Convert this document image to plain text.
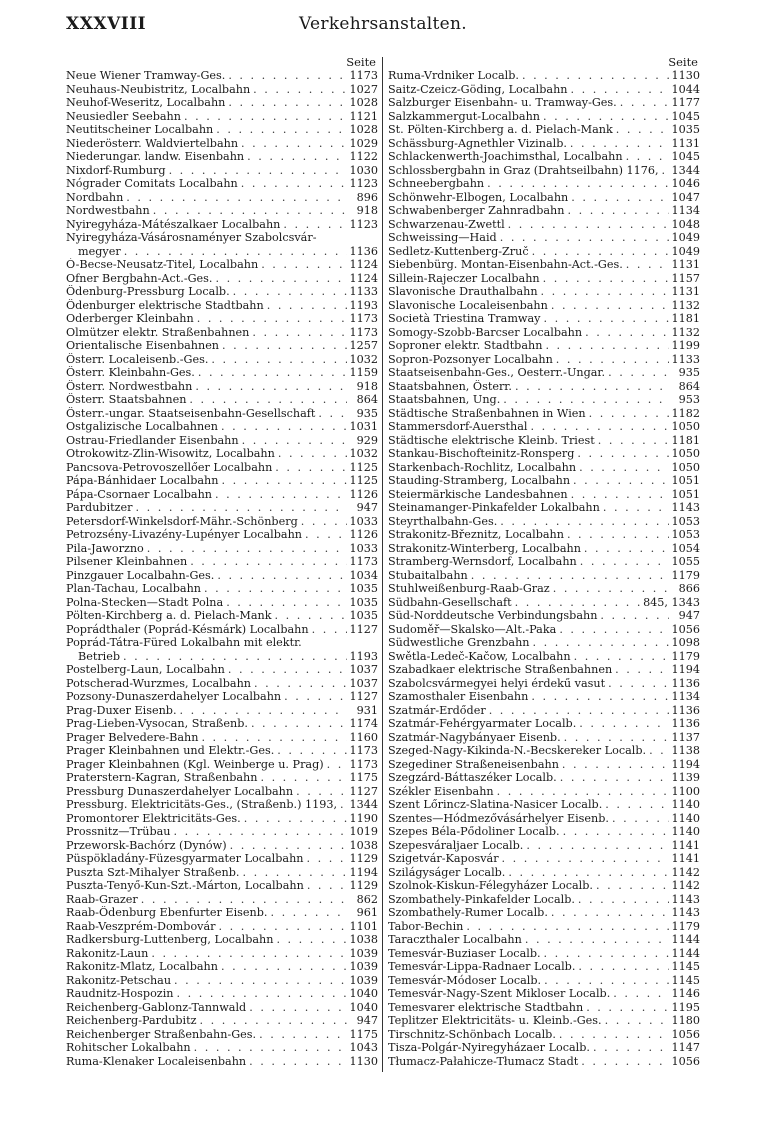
XXXVIII	Verkehrsanstalten.
Seite
Neue Wiener Tramway-Ges. . . .	1173
Neuhaus-Neubistritz, Localbahn . . .	1027
Neuhof-Weseritz, Localbahn . . .	1028
Neusiedler Seebahn . . .	1121
Neutitscheiner Localbahn . . .	1028
Niederösterr. Waldviertelbahn . . .	1029
Niederungar. landw. Eisenbahn . . .	1122
Nixdorf-Rumburg . . .	1030
Nógrader Comitats Localbahn . . .	1123
Nordbahn . . .	896
Nordwestbahn . . .	918
Nyiregyháza-Mátészalkaer Localbahn . . .	1123
Nyiregyháza-Vásárosnaményer Szabolcsvár-
megyer . . .	1136
Ó-Becse-Neusatz-Titel, Localbahn . . .	1124
Ofner Bergbahn-Act.-Ges. . . .	1124
Ödenburg-Pressburg Localb. . . .	1133
Ödenburger elektrische Stadtbahn . . .	1193
Oderberger Kleinbahn . . .	1173
Olmützer elektr. Straßenbahnen . . .	1173
Orientalische Eisenbahnen . . .	1257
Österr. Localeisenb.-Ges. . . .	1032
Österr. Kleinbahn-Ges. . . .	1159
Österr. Nordwestbahn . . .	918
Österr. Staatsbahnen . . .	864
Österr.-ungar. Staatseisenbahn-Gesellschaft . . .	935
Ostgalizische Localbahnen . . .	1031
Ostrau-Friedlander Eisenbahn . . .	929
Otrokowitz-Zlin-Wisowitz, Localbahn . . .	1032
Pancsova-Petrovoszellőer Localbahn . . .	1125
Pápa-Bánhidaer Localbahn . . .	1125
Pápa-Csornaer Localbahn . . .	1126
Pardubitzer . . .	947
Petersdorf-Winkelsdorf-Mähr.-Schönberg . . .	1033
Petrozsény-Livazény-Lupényer Localbahn . . .	1126
Pila-Jaworzno . . .	1033
Pilsener Kleinbahnen . . .	1173
Pinzgauer Localbahn-Ges. . . .	1034
Plan-Tachau, Localbahn . . .	1035
Polna-Stecken—Stadt Polna . . .	1035
Pölten-Kirchberg a. d. Pielach-Mank . . .	1035
Poprádthaler (Poprád-Késmárk) Localbahn . . .	1127
Poprád-Tátra-Füred Lokalbahn mit elektr.
Betrieb . . .	1193
Postelberg-Laun, Localbahn . . .	1037
Potscherad-Wurzmes, Localbahn . . .	1037
Pozsony-Dunaszerdahelyer Localbahn . . .	1127
Prag-Duxer Eisenb. . . .	931
Prag-Lieben-Vysocan, Straßenb. . . .	1174
Prager Belvedere-Bahn . . .	1160
Prager Kleinbahnen und Elektr.-Ges. . . .	1173
Prager Kleinbahnen (Kgl. Weinberge u. Prag) . . . 1173
Praterstern-Kagran, Straßenbahn . . .	1175
Pressburg Dunaszerdahelyer Localbahn . . .	1127
Pressburg. Elektricitäts-Ges., (Straßenb.) 1193, . . . 1344
Promontorer Elektricitäts-Ges. . . .	1190
Prossnitz—Trübau . . .	1019
Przeworsk-Bachórz (Dynów) . . .	1038
Püspökladány-Füzesgyarmater Localbahn . . .	1129
Puszta Szt-Mihalyer Straßenb. . . .	1194
Puszta-Tenyő-Kun-Szt.-Márton, Localbahn . . .	1129
Raab-Grazer . . .	862
Raab-Ödenburg Ebenfurter Eisenb. . . .	961
Raab-Veszprém-Dombovár . . .	1101
Radkersburg-Luttenberg, Localbahn . . .	1038
Rakonitz-Laun . . .	1039
Rakonitz-Mlatz, Localbahn . . .	1039
Rakonitz-Petschau . . .	1039
Raudnitz-Hospozin . . .	1040
Reichenberg-Gablonz-Tannwald . . .	1040
Reichenberg-Pardubitz . . .	947
Reichenberger Straßenbahn-Ges. . . .	1175
Rohitscher Lokalbahn . . .	1043
Ruma-Klenaker Localeisenbahn . . .	1130
Seite
Ruma-Vrdniker Localb. . . .	1130
Saitz-Czeicz-Göding, Localbahn . . .	1044
Salzburger Eisenbahn- u. Tramway-Ges. . . .	1177
Salzkammergut-Localbahn . . .	1045
St. Pölten-Kirchberg a. d. Pielach-Mank . . .	1035
Schässburg-Agnethler Vizinalb. . . .	1131
Schlackenwerth-Joachimsthal, Localbahn . . .	1045
Schlossbergbahn in Graz (Drahtseilbahn) 1176, . . . 1344
Schneebergbahn . . .	1046
Schönwehr-Elbogen, Localbahn . . .	1047
Schwabenberger Zahnradbahn . . .	1134
Schwarzenau-Zwettl . . .	1048
Schweissing—Haid . . .	1049
Sedletz-Kuttenberg-Zruč . . .	1049
Siebenbürg. Montan-Eisenbahn-Act.-Ges. . . .	1131
Sillein-Rajeczer Localbahn . . .	1157
Slavonische Drauthalbahn . . .	1131
Slavonische Localeisenbahn . . .	1132
Società Triestina Tramway . . .	1181
Somogy-Szobb-Barcser Localbahn . . .	1132
Soproner elektr. Stadtbahn . . .	1199
Sopron-Pozsonyer Localbahn . . .	1133
Staatseisenbahn-Ges., Oesterr.-Ungar. . . .	935
Staatsbahnen, Österr. . . .	864
Staatsbahnen, Ung. . . .	953
Städtische Straßenbahnen in Wien . . .	1182
Stammersdorf-Auersthal . . .	1050
Städtische elektrische Kleinb. Triest . . .	1181
Stankau-Bischofteinitz-Ronsperg . . .	1050
Starkenbach-Rochlitz, Localbahn . . .	1050
Stauding-Stramberg, Localbahn . . .	1051
Steiermärkische Landesbahnen . . .	1051
Steinamanger-Pinkafelder Lokalbahn . . .	1143
Steyrthalbahn-Ges. . . .	1053
Strakonitz-Březnitz, Localbahn . . .	1053
Strakonitz-Winterberg, Localbahn . . .	1054
Stramberg-Wernsdorf, Localbahn . . .	1055
Stubaitalbahn . . .	1179
Stuhlweißenburg-Raab-Graz . . .	866
Südbahn-Gesellschaft . . .	845, 1343
Süd-Norddeutsche Verbindungsbahn . . .	947
Sudoměř—Skalsko—Alt.-Paka . . .	1056
Südwestliche Grenzbahn . . .	1098
Swětla-Ledeč-Kačow, Localbahn . . .	1179
Szabadkaer elektrische Straßenbahnen . . .	1194
Szabolcsvármegyei helyi érdekű vasut . . .	1136
Szamosthaler Eisenbahn . . .	1134
Szatmár-Erdőder . . .	1136
Szatmár-Fehérgyarmater Localb. . . .	1136
Szatmár-Nagybányaer Eisenb. . . .	1137
Szeged-Nagy-Kikinda-N.-Becskereker Localb. . . . 1138
Szegediner Straßeneisenbahn . . .	1194
Szegzárd-Báttaszéker Localb. . . .	1139
Székler Eisenbahn . . .	1100
Szent Lőrincz-Slatina-Nasicer Localb. . . .	1140
Szentes—Hódmezővásárhelyer Eisenb. . . .	1140
Szepes Béla-Pődoliner Localb. . . .	1140
Szepesváraljaer Localb. . . .	1141
Szigetvár-Kaposvár . . .	1141
Szilágyságer Localb. . . .	1142
Szolnok-Kiskun-Félegyházer Localb. . . .	1142
Szombathely-Pinkafelder Localb. . . .	1143
Szombathely-Rumer Localb. . . .	1143
Tabor-Bechin . . .	1179
Taraczthaler Localbahn . . .	1144
Temesvár-Buziaser Localb. . . .	1144
Temesvár-Lippa-Radnaer Localb. . . .	1145
Temesvár-Módoser Localb. . . .	1145
Temesvár-Nagy-Szent Mikloser Localb. . . .	1146
Temesvarer elektrische Stadtbahn . . .	1195
Teplitzer Elektricitäts- u. Kleinb.-Ges. . . .	1180
Tirschnitz-Schönbach Localb. . . .	1056
Tisza-Polgár-Nyiregyházaer Localb. . . .	1147
Tłumacz-Pałahicze-Tłumacz Stadt . . .	1056
